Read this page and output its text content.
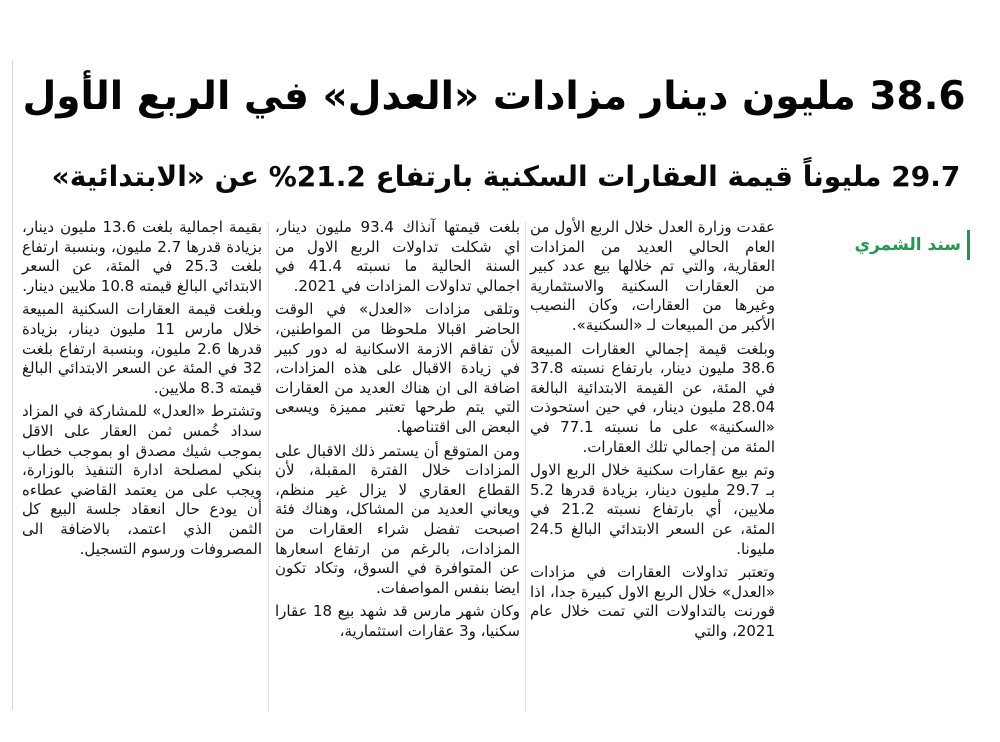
38.6 مليون دينار مزادات «العدل» في الربع الأول
29.7 مليوناً قيمة العقارات السكنية بارتفاع 21.2% عن «الابتدائية»
سند الشمري

عقدت وزارة العدل خلال الربع الأول من العام الحالي العديد من المزادات العقارية، والتي تم خلالها بيع عدد كبير من العقارات السكنية والاستثمارية وغيرها من العقارات، وكان النصيب الأكبر من المبيعات لـ «السكنية».

وبلغت قيمة إجمالي العقارات المبيعة 38.6 مليون دينار، بارتفاع نسبته 37.8 في المئة، عن القيمة الابتدائية البالغة 28.04 مليون دينار، في حين استحوذت «السكنية» على ما نسبته 77.1 في المئة من إجمالي تلك العقارات.

وتم بيع عقارات سكنية خلال الربع الاول بـ 29.7 مليون دينار، بزيادة قدرها 5.2 ملايين، أي بارتفاع نسبته 21.2 في المئة، عن السعر الابتدائي البالغ 24.5 مليونا.

وتعتبر تداولات العقارات في مزادات «العدل» خلال الربع الاول كبيرة جدا، اذا قورنت بالتداولات التي تمت خلال عام 2021، والتي

بلغت قيمتها آنذاك 93.4 مليون دينار، اي شكلت تداولات الربع الاول من السنة الحالية ما نسبته 41.4 في اجمالي تداولات المزادات في 2021.

وتلقى مزادات «العدل» في الوقت الحاضر اقبالا ملحوظا من المواطنين، لأن تفاقم الازمة الاسكانية له دور كبير في زيادة الاقبال على هذه المزادات، اضافة الى ان هناك العديد من العقارات التي يتم طرحها تعتبر مميزة ويسعى البعض الى اقتناصها.

ومن المتوقع أن يستمر ذلك الاقبال على المزادات خلال الفترة المقبلة، لأن القطاع العقاري لا يزال غير منظم، ويعاني العديد من المشاكل، وهناك فئة اصبحت تفضل شراء العقارات من المزادات، بالرغم من ارتفاع اسعارها عن المتوافرة في السوق، وتكاد تكون ايضا بنفس المواصفات.

وكان شهر مارس قد شهد بيع 18 عقارا سكنيا، و3 عقارات استثمارية،

بقيمة اجمالية بلغت 13.6 مليون دينار، بزيادة قدرها 2.7 مليون، وبنسبة ارتفاع بلغت 25.3 في المئة، عن السعر الابتدائي البالغ قيمته 10.8 ملايين دينار.

وبلغت قيمة العقارات السكنية المبيعة خلال مارس 11 مليون دينار، بزيادة قدرها 2.6 مليون، وبنسبة ارتفاع بلغت 32 في المئة عن السعر الابتدائي البالغ قيمته 8.3 ملايين.

وتشترط «العدل» للمشاركة في المزاد سداد خُمس ثمن العقار على الاقل بموجب شيك مصدق او بموجب خطاب بنكي لمصلحة ادارة التنفيذ بالوزارة، ويجب على من يعتمد القاضي عطاءه أن يودع حال انعقاد جلسة البيع كل الثمن الذي اعتمد، بالاضافة الى المصروفات ورسوم التسجيل.
